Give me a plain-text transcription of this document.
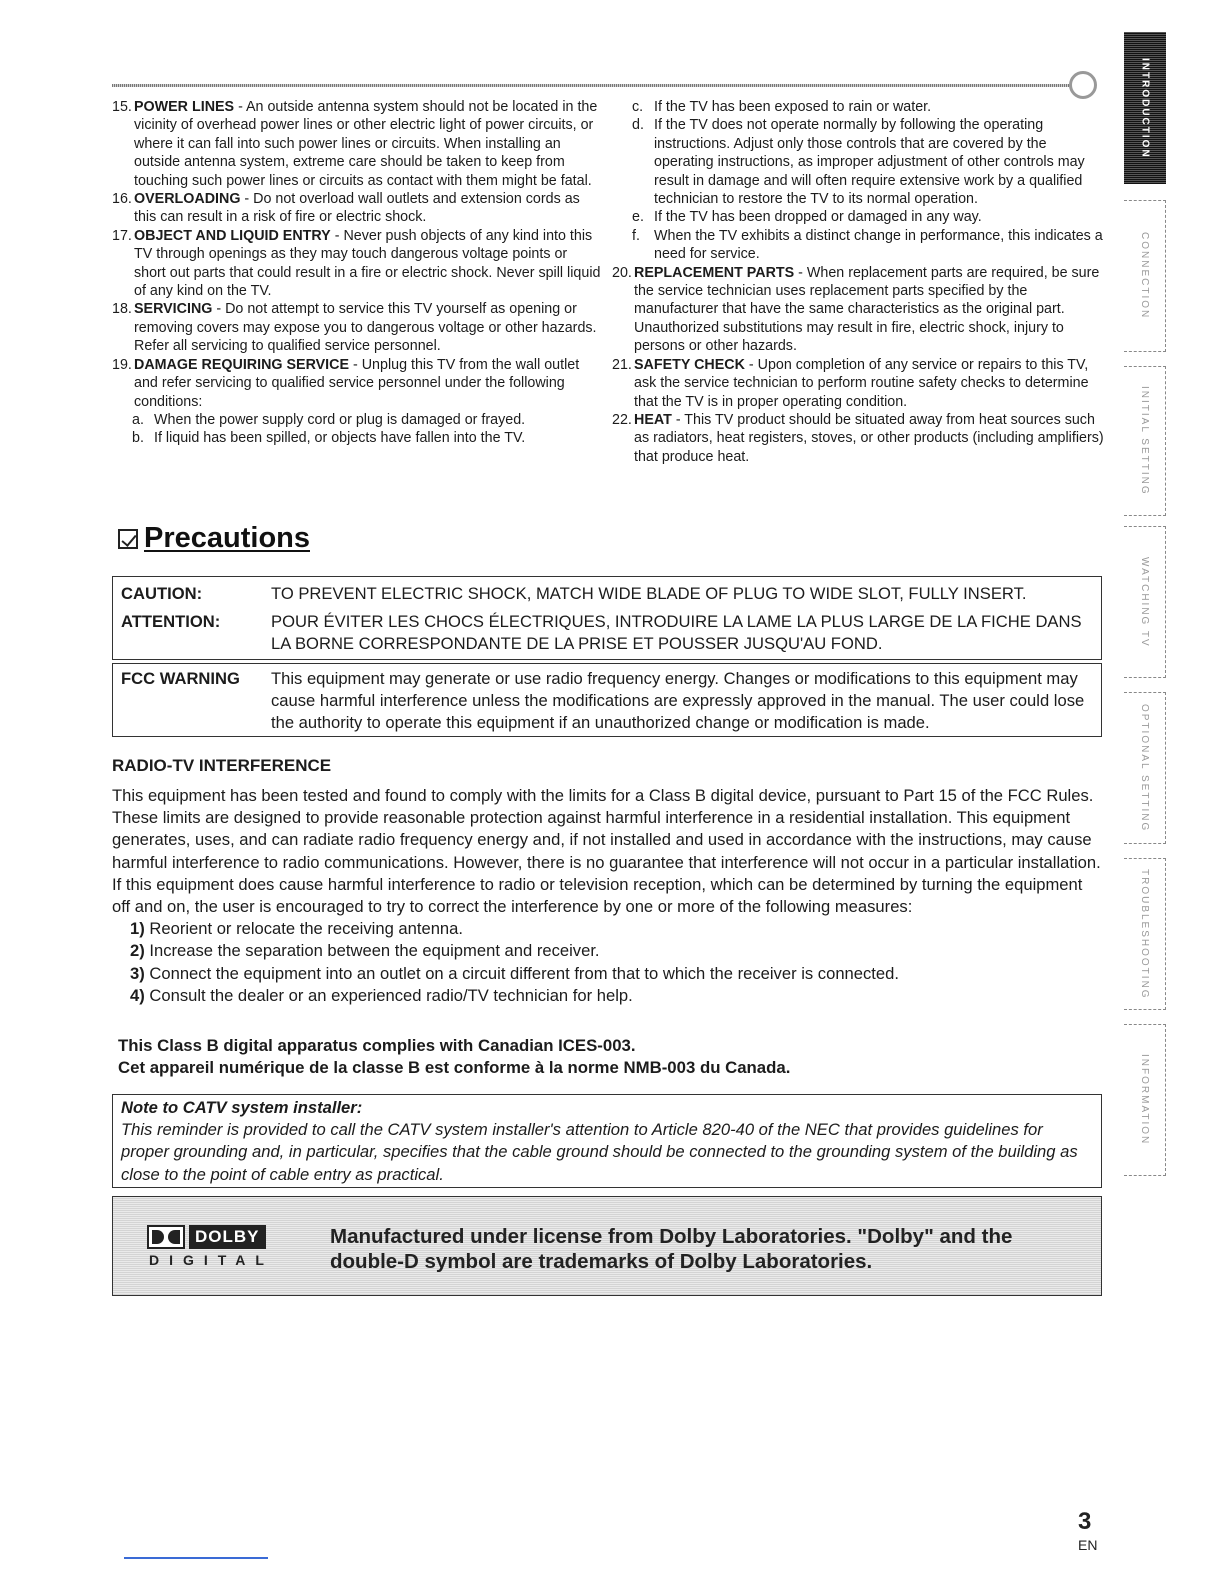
15. POWER LINES - An outside antenna system should not be located in the vicinity of overhead power lines or other electric light of power circuits, or where it can fall into such power lines or circuits. When installing an outside antenna system, extreme care should be taken to keep from touching such power lines or circuits as contact with them might be fatal.
16. OVERLOADING - Do not overload wall outlets and extension cords as this can result in a risk of fire or electric shock.
17. OBJECT AND LIQUID ENTRY - Never push objects of any kind into this TV through openings as they may touch dangerous voltage points or short out parts that could result in a fire or electric shock. Never spill liquid of any kind on the TV.
18. SERVICING - Do not attempt to service this TV yourself as opening or removing covers may expose you to dangerous voltage or other hazards. Refer all servicing to qualified service personnel.
19. DAMAGE REQUIRING SERVICE - Unplug this TV from the wall outlet and refer servicing to qualified service personnel under the following conditions:
a. When the power supply cord or plug is damaged or frayed.
b. If liquid has been spilled, or objects have fallen into the TV.
c. If the TV has been exposed to rain or water.
d. If the TV does not operate normally by following the operating instructions. Adjust only those controls that are covered by the operating instructions, as improper adjustment of other controls may result in damage and will often require extensive work by a qualified technician to restore the TV to its normal operation.
e. If the TV has been dropped or damaged in any way.
f. When the TV exhibits a distinct change in performance, this indicates a need for service.
20. REPLACEMENT PARTS - When replacement parts are required, be sure the service technician uses replacement parts specified by the manufacturer that have the same characteristics as the original part. Unauthorized substitutions may result in fire, electric shock, injury to persons or other hazards.
21. SAFETY CHECK - Upon completion of any service or repairs to this TV, ask the service technician to perform routine safety checks to determine that the TV is in proper operating condition.
22. HEAT - This TV product should be situated away from heat sources such as radiators, heat registers, stoves, or other products (including amplifiers) that produce heat.
Precautions
CAUTION:	TO PREVENT ELECTRIC SHOCK, MATCH WIDE BLADE OF PLUG TO WIDE SLOT, FULLY INSERT.
ATTENTION:	POUR ÉVITER LES CHOCS ÉLECTRIQUES, INTRODUIRE LA LAME LA PLUS LARGE DE LA FICHE DANS LA BORNE CORRESPONDANTE DE LA PRISE ET POUSSER JUSQU'AU FOND.
FCC WARNING	This equipment may generate or use radio frequency energy. Changes or modifications to this equipment may cause harmful interference unless the modifications are expressly approved in the manual. The user could lose the authority to operate this equipment if an unauthorized change or modification is made.
RADIO-TV INTERFERENCE
This equipment has been tested and found to comply with the limits for a Class B digital device, pursuant to Part 15 of the FCC Rules. These limits are designed to provide reasonable protection against harmful interference in a residential installation. This equipment generates, uses, and can radiate radio frequency energy and, if not installed and used in accordance with the instructions, may cause harmful interference to radio communications. However, there is no guarantee that interference will not occur in a particular installation. If this equipment does cause harmful interference to radio or television reception, which can be determined by turning the equipment off and on, the user is encouraged to try to correct the interference by one or more of the following measures:
1) Reorient or relocate the receiving antenna.
2) Increase the separation between the equipment and receiver.
3) Connect the equipment into an outlet on a circuit different from that to which the receiver is connected.
4) Consult the dealer or an experienced radio/TV technician for help.
This Class B digital apparatus complies with Canadian ICES-003.
Cet appareil numérique de la classe B est conforme à la norme NMB-003 du Canada.
Note to CATV system installer:
This reminder is provided to call the CATV system installer's attention to Article 820-40 of the NEC that provides guidelines for proper grounding and, in particular, specifies that the cable ground should be connected to the grounding system of the building as close to the point of cable entry as practical.
DOLBY
DIGITAL
Manufactured under license from Dolby Laboratories. "Dolby" and the double-D symbol are trademarks of Dolby Laboratories.
INTRODUCTION
CONNECTION
INITIAL SETTING
WATCHING TV
OPTIONAL SETTING
TROUBLESHOOTING
INFORMATION
3
EN
